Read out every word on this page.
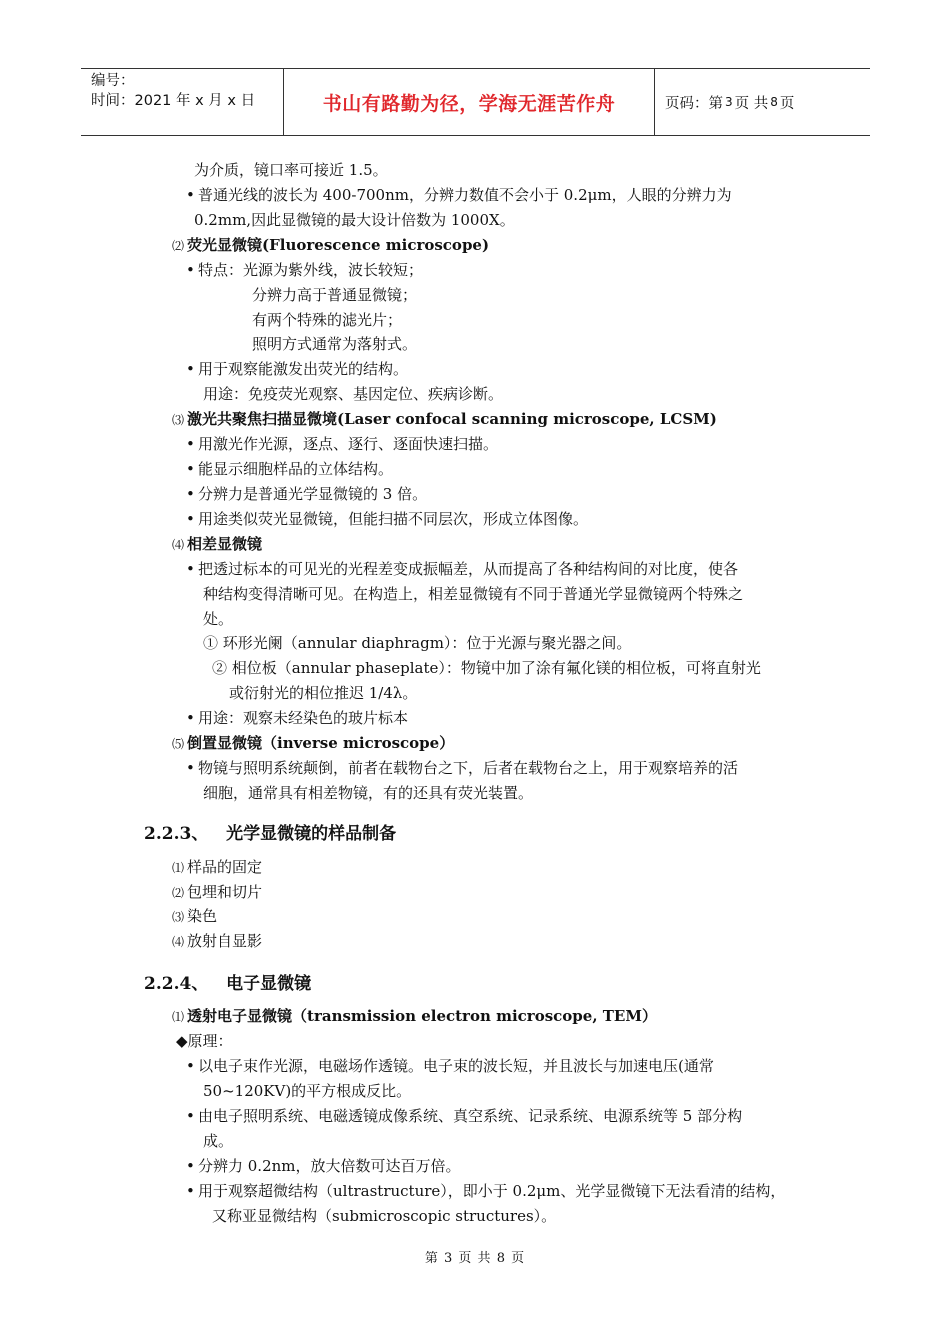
编号：
时间：2021 年 x 月 x 日	书山有路勤为径，学海无涯苦作舟	页码：第 3 页 共 8 页
为介质，镜口率可接近 1.5。
• 普通光线的波长为 400-700nm，分辨力数值不会小于 0.2μm，人眼的分辨力为
0.2mm,因此显微镜的最大设计倍数为 1000X。
⑵ 荧光显微镜(Fluorescence microscope)
• 特点：光源为紫外线，波长较短；
分辨力高于普通显微镜；
有两个特殊的滤光片；
照明方式通常为落射式。
• 用于观察能激发出荧光的结构。
用途：免疫荧光观察、基因定位、疾病诊断。
⑶ 激光共聚焦扫描显微境(Laser confocal scanning microscope, LCSM)
• 用激光作光源，逐点、逐行、逐面快速扫描。
• 能显示细胞样品的立体结构。
• 分辨力是普通光学显微镜的 3 倍。
• 用途类似荧光显微镜，但能扫描不同层次，形成立体图像。
⑷ 相差显微镜
• 把透过标本的可见光的光程差变成振幅差，从而提高了各种结构间的对比度，使各
种结构变得清晰可见。在构造上，相差显微镜有不同于普通光学显微镜两个特殊之
处。
① 环形光阑（annular diaphragm）：位于光源与聚光器之间。
② 相位板（annular phaseplate）：物镜中加了涂有氟化镁的相位板，可将直射光
或衍射光的相位推迟 1/4λ。
• 用途：观察未经染色的玻片标本
⑸ 倒置显微镜（inverse microscope）
• 物镜与照明系统颠倒，前者在载物台之下，后者在载物台之上，用于观察培养的活
细胞，通常具有相差物镜，有的还具有荧光装置。
2.2.3、 光学显微镜的样品制备
⑴ 样品的固定
⑵ 包埋和切片
⑶ 染色
⑷ 放射自显影
2.2.4、 电子显微镜
⑴ 透射电子显微镜（transmission electron microscope, TEM）
◆原理：
• 以电子束作光源，电磁场作透镜。电子束的波长短，并且波长与加速电压(通常
50~120KV)的平方根成反比。
• 由电子照明系统、电磁透镜成像系统、真空系统、记录系统、电源系统等 5 部分构
成。
• 分辨力 0.2nm，放大倍数可达百万倍。
• 用于观察超微结构（ultrastructure），即小于 0.2μm、光学显微镜下无法看清的结构，
又称亚显微结构（submicroscopic structures）。
第 3 页 共 8 页
